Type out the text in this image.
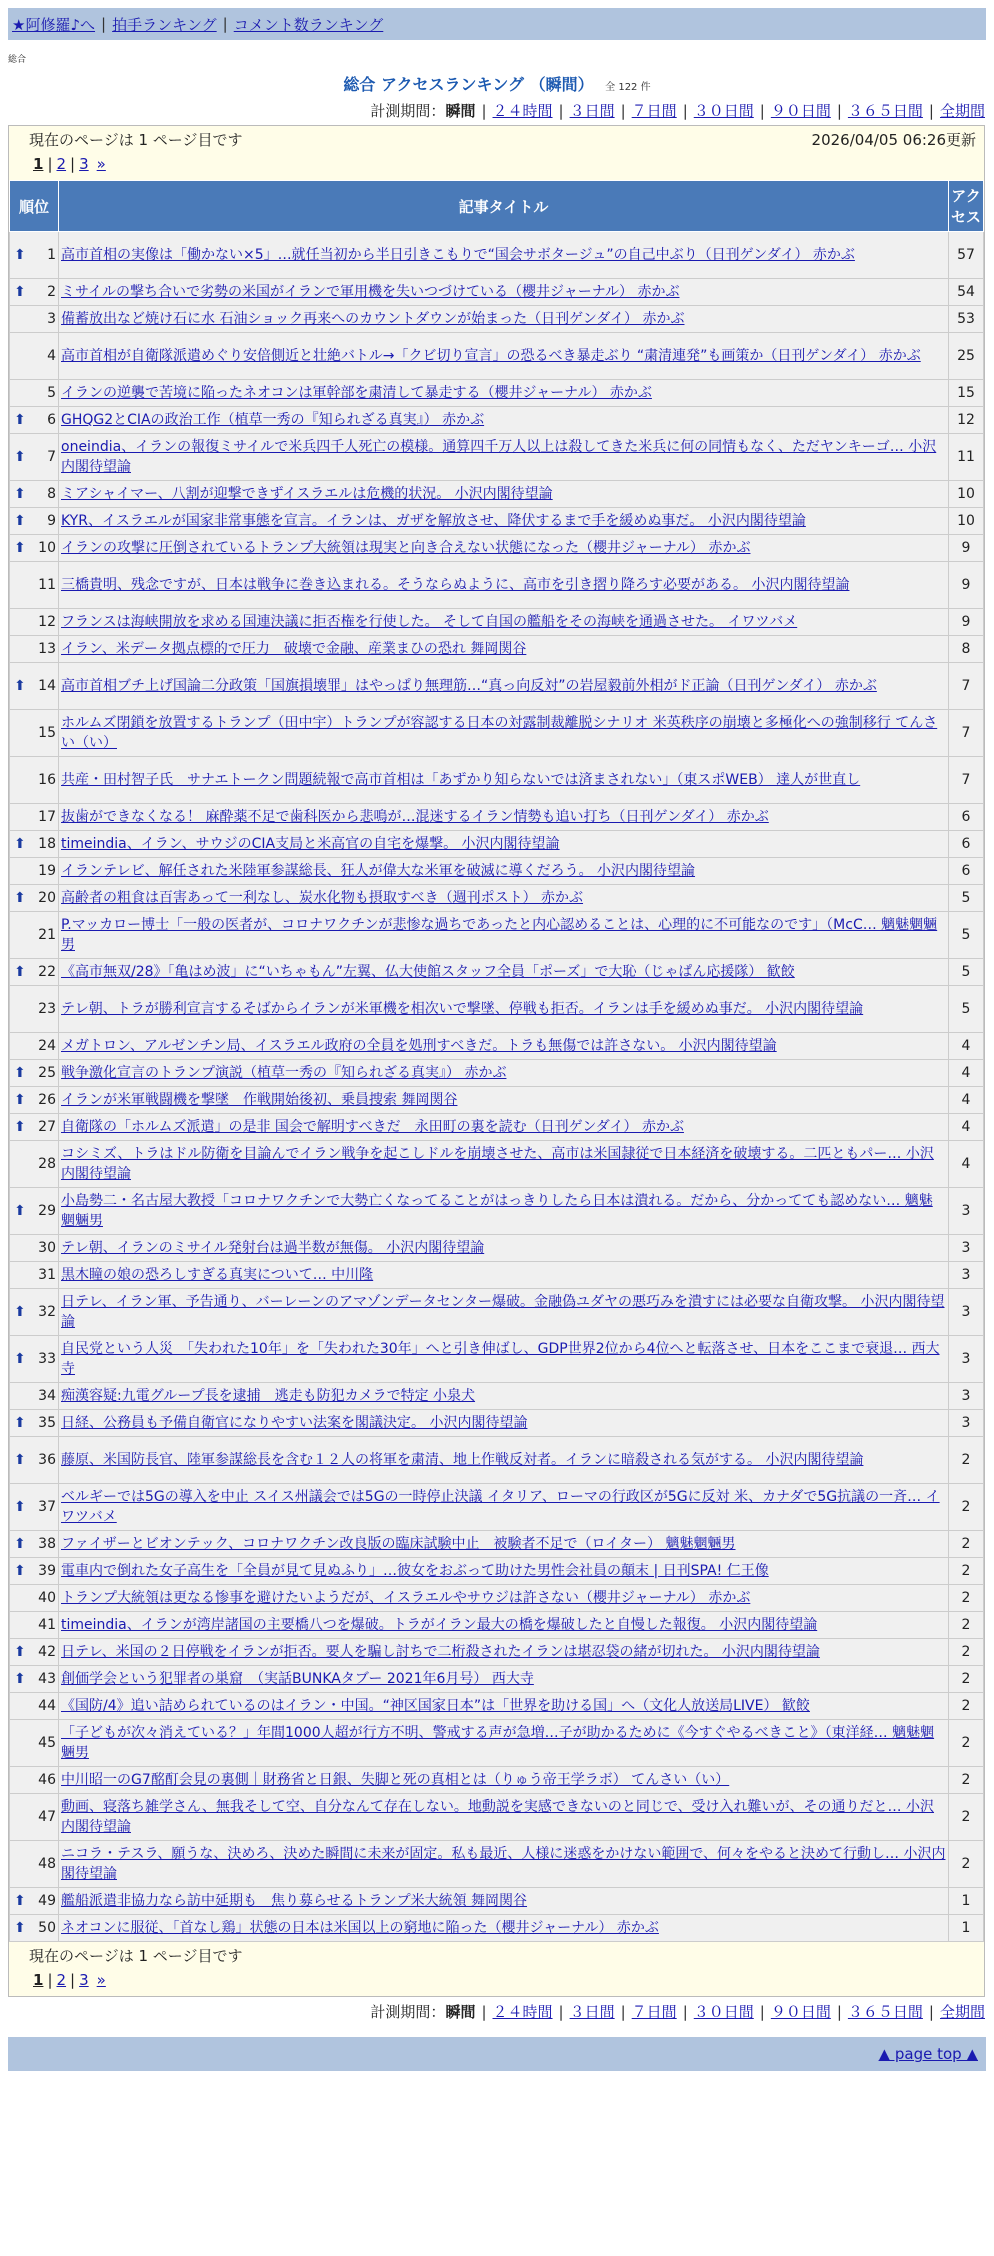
★阿修羅♪へ | 拍手ランキング | コメント数ランキング
総合
総合 アクセスランキング （瞬間） 全 122 件
計測期間：瞬間 | ２４時間 | ３日間 | ７日間 | ３０日間 | ９０日間 | ３６５日間 | 全期間
現在のページは 1 ページ目です	2026/04/05 06:26更新
1 | 2 | 3 »
順位	記事タイトル	アクセス

⬆ 1	高市首相の実像は「働かない×5」…就任当初から半日引きこもりで“国会サボタージュ”の自己中ぶり（日刊ゲンダイ） 赤かぶ	57

⬆ 2	ミサイルの撃ち合いで劣勢の米国がイランで軍用機を失いつづけている（櫻井ジャーナル） 赤かぶ	54
3	備蓄放出など焼け石に水 石油ショック再来へのカウントダウンが始まった（日刊ゲンダイ） 赤かぶ	53
4	高市首相が自衛隊派遣めぐり安倍側近と壮絶バトル→「クビ切り宣言」の恐るべき暴走ぶり “粛清連発”も画策か（日刊ゲンダイ） 赤かぶ	25
5	イランの逆襲で苦境に陥ったネオコンは軍幹部を粛清して暴走する（櫻井ジャーナル） 赤かぶ	15

⬆ 6	GHQG2とCIAの政治工作（植草一秀の『知られざる真実』） 赤かぶ	12

⬆ 7	oneindia、イランの報復ミサイルで米兵四千人死亡の模様。通算四千万人以上は殺してきた米兵に何の同情もなく、ただヤンキーゴ… 小沢内閣待望論	11

⬆ 8	ミアシャイマー、八割が迎撃できずイスラエルは危機的状況。 小沢内閣待望論	10

⬆ 9	KYR、イスラエルが国家非常事態を宣言。イランは、ガザを解放させ、降伏するまで手を緩めぬ事だ。 小沢内閣待望論	10

⬆ 10	イランの攻撃に圧倒されているトランプ大統領は現実と向き合えない状態になった（櫻井ジャーナル） 赤かぶ	9
11	三橋貴明、残念ですが、日本は戦争に巻き込まれる。そうならぬように、高市を引き摺り降ろす必要がある。 小沢内閣待望論	9
12	フランスは海峡開放を求める国連決議に拒否権を行使した。 そして自国の艦船をその海峡を通過させた。 イワツバメ	9
13	イラン、米データ拠点標的で圧力　破壊で金融、産業まひの恐れ 舞岡関谷	8

⬆ 14	高市首相ブチ上げ国論二分政策「国旗損壊罪」はやっぱり無理筋…“真っ向反対”の岩屋毅前外相がド正論（日刊ゲンダイ） 赤かぶ	7
15	ホルムズ閉鎖を放置するトランプ（田中宇）トランプが容認する日本の対露制裁離脱シナリオ 米英秩序の崩壊と多極化への強制移行 てんさい（い）	7
16	共産・田村智子氏　サナエトークン問題続報で高市首相は「あずかり知らないでは済まされない」（東スポWEB） 達人が世直し	7
17	抜歯ができなくなる！ 麻酔薬不足で歯科医から悲鳴が…混迷するイラン情勢も追い打ち（日刊ゲンダイ） 赤かぶ	6

⬆ 18	timeindia、イラン、サウジのCIA支局と米高官の自宅を爆撃。 小沢内閣待望論	6
19	イランテレビ、解任された米陸軍参謀総長、狂人が偉大な米軍を破滅に導くだろう。 小沢内閣待望論	6

⬆ 20	高齢者の粗食は百害あって一利なし、炭水化物も摂取すべき（週刊ポスト） 赤かぶ	5
21	P.マッカロー博士「一般の医者が、コロナワクチンが悲惨な過ちであったと内心認めることは、心理的に不可能なのです」（McC… 魑魅魍魎男	5

⬆ 22	《高市無双/28》「亀はめ波」に“いちゃもん”左翼、仏大使館スタッフ全員「ポーズ」で大恥（じゃぱん応援隊） 歓餃	5
23	テレ朝、トラが勝利宣言するそばからイランが米軍機を相次いで撃墜、停戦も拒否。イランは手を緩めぬ事だ。 小沢内閣待望論	5
24	メガトロン、アルゼンチン局、イスラエル政府の全員を処刑すべきだ。トラも無傷では許さない。 小沢内閣待望論	4

⬆ 25	戦争激化宣言のトランプ演説（植草一秀の『知られざる真実』） 赤かぶ	4

⬆ 26	イランが米軍戦闘機を撃墜　作戦開始後初、乗員捜索 舞岡関谷	4

⬆ 27	自衛隊の「ホルムズ派遣」の是非 国会で解明すべきだ　永田町の裏を読む（日刊ゲンダイ） 赤かぶ	4
28	コシミズ、トラはドル防衛を目論んでイラン戦争を起こしドルを崩壊させた、高市は米国隷従で日本経済を破壊する。二匹ともパー… 小沢内閣待望論	4

⬆ 29	小島勢二・名古屋大教授「コロナワクチンで大勢亡くなってることがはっきりしたら日本は潰れる。だから、分かってても認めない… 魑魅魍魎男	3
30	テレ朝、イランのミサイル発射台は過半数が無傷。 小沢内閣待望論	3
31	黒木瞳の娘の恐ろしすぎる真実について… 中川隆	3

⬆ 32	日テレ、イラン軍、予告通り、バーレーンのアマゾンデータセンター爆破。金融偽ユダヤの悪巧みを潰すには必要な自衛攻撃。 小沢内閣待望論	3

⬆ 33	自民党という人災　「失われた10年」を「失われた30年」へと引き伸ばし、GDP世界2位から4位へと転落させ、日本をここまで衰退… 西大寺	3
34	痴漢容疑:九電グループ長を逮捕　逃走も防犯カメラで特定 小泉犬	3

⬆ 35	日経、公務員も予備自衛官になりやすい法案を閣議決定。 小沢内閣待望論	3

⬆ 36	藤原、米国防長官、陸軍参謀総長を含む１２人の将軍を粛清、地上作戦反対者。イランに暗殺される気がする。 小沢内閣待望論	2

⬆ 37	ベルギーでは5Gの導入を中止 スイス州議会では5Gの一時停止決議 イタリア、ローマの行政区が5Gに反対 米、カナダで5G抗議の一斉… イワツバメ	2

⬆ 38	ファイザーとビオンテック、コロナワクチン改良版の臨床試験中止　被験者不足で（ロイター） 魑魅魍魎男	2

⬆ 39	電車内で倒れた女子高生を「全員が見て見ぬふり」…彼女をおぶって助けた男性会社員の顛末 | 日刊SPA! 仁王像	2
40	トランプ大統領は更なる惨事を避けたいようだが、イスラエルやサウジは許さない（櫻井ジャーナル） 赤かぶ	2
41	timeindia、イランが湾岸諸国の主要橋八つを爆破。トラがイラン最大の橋を爆破したと自慢した報復。 小沢内閣待望論	2

⬆ 42	日テレ、米国の２日停戦をイランが拒否。要人を騙し討ちで二桁殺されたイランは堪忍袋の緒が切れた。 小沢内閣待望論	2

⬆ 43	創価学会という犯罪者の巣窟　（実話BUNKAタブー 2021年6月号） 西大寺	2
44	《国防/4》追い詰められているのはイラン・中国。“神区国家日本”は「世界を助ける国」へ（文化人放送局LIVE） 歓餃	2
45	「子どもが次々消えている？」年間1000人超が行方不明、警戒する声が急増…子が助かるために《今すぐやるべきこと》（東洋経… 魑魅魍魎男	2
46	中川昭一のG7酩酊会見の裏側｜財務省と日銀、失脚と死の真相とは（りゅう帝王学ラボ） てんさい（い）	2
47	動画、寝落ち雑学さん、無我そして空、自分なんて存在しない。地動説を実感できないのと同じで、受け入れ難いが、その通りだと… 小沢内閣待望論	2
48	ニコラ・テスラ、願うな、決めろ、決めた瞬間に未来が固定。私も最近、人様に迷惑をかけない範囲で、何々をやると決めて行動し… 小沢内閣待望論	2

⬆ 49	艦船派遣非協力なら訪中延期も　焦り募らせるトランプ米大統領 舞岡関谷	1

⬆ 50	ネオコンに服従、「首なし鶏」状態の日本は米国以上の窮地に陥った（櫻井ジャーナル） 赤かぶ	1
現在のページは 1 ページ目です
1 | 2 | 3 »
計測期間：瞬間 | ２４時間 | ３日間 | ７日間 | ３０日間 | ９０日間 | ３６５日間 | 全期間
▲ page top ▲
